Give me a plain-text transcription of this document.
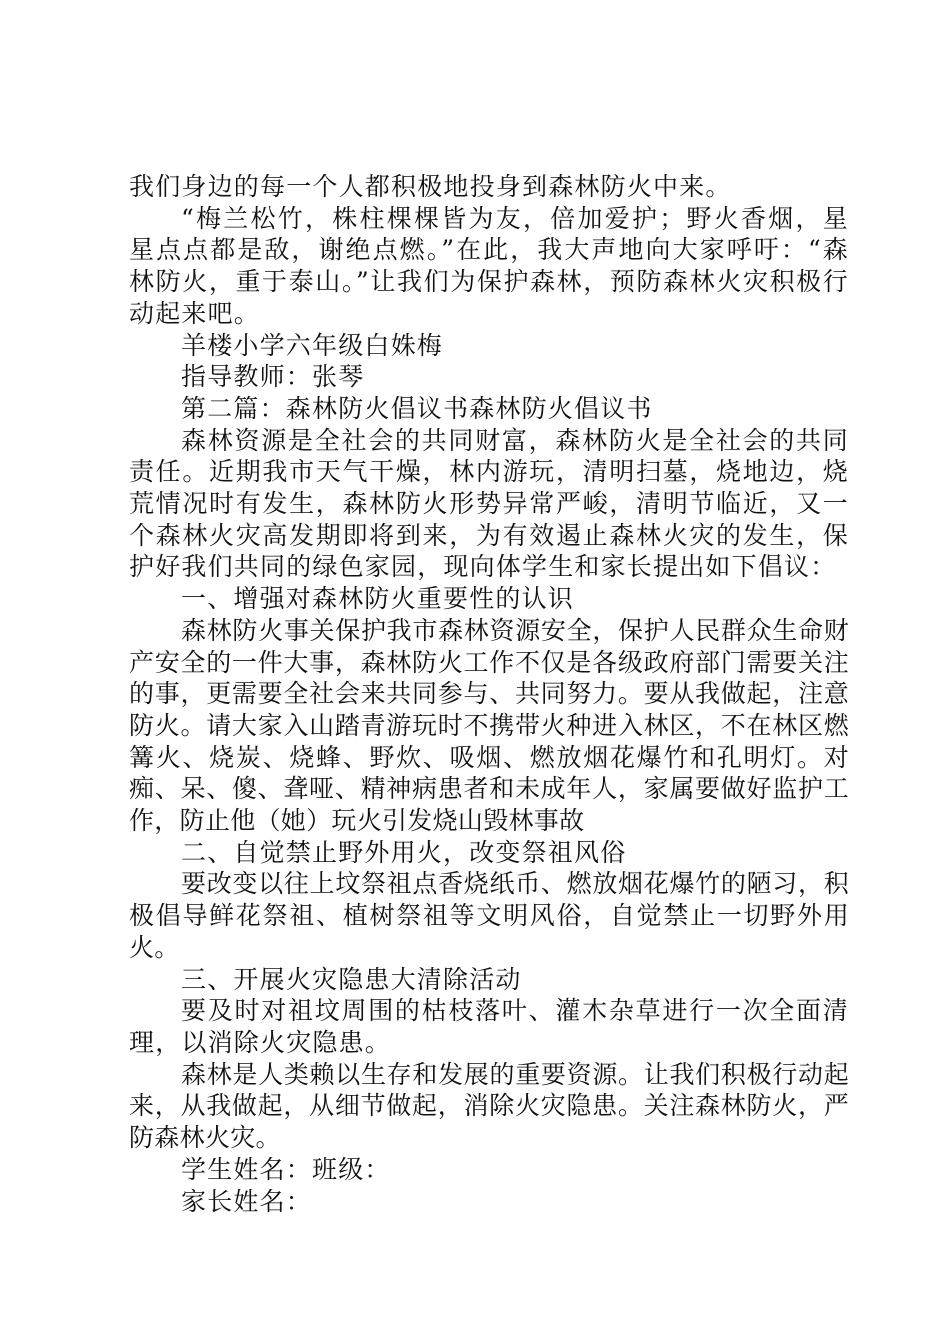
我们身边的每一个人都积极地投身到森林防火中来。

“梅兰松竹，株柱棵棵皆为友，倍加爱护；野火香烟，星星点点都是敌，谢绝点燃。”在此，我大声地向大家呼吁：“森林防火，重于泰山。”让我们为保护森林，预防森林火灾积极行动起来吧。

羊楼小学六年级白姝梅

指导教师：张琴

第二篇：森林防火倡议书森林防火倡议书

森林资源是全社会的共同财富，森林防火是全社会的共同责任。近期我市天气干燥，林内游玩，清明扫墓，烧地边，烧荒情况时有发生，森林防火形势异常严峻，清明节临近，又一个森林火灾高发期即将到来，为有效遏止森林火灾的发生，保护好我们共同的绿色家园，现向体学生和家长提出如下倡议：

一、增强对森林防火重要性的认识

森林防火事关保护我市森林资源安全，保护人民群众生命财产安全的一件大事，森林防火工作不仅是各级政府部门需要关注的事，更需要全社会来共同参与、共同努力。要从我做起，注意防火。请大家入山踏青游玩时不携带火种进入林区，不在林区燃篝火、烧炭、烧蜂、野炊、吸烟、燃放烟花爆竹和孔明灯。对痴、呆、傻、聋哑、精神病患者和未成年人，家属要做好监护工作，防止他（她）玩火引发烧山毁林事故

二、自觉禁止野外用火，改变祭祖风俗

要改变以往上坟祭祖点香烧纸币、燃放烟花爆竹的陋习，积极倡导鲜花祭祖、植树祭祖等文明风俗，自觉禁止一切野外用火。

三、开展火灾隐患大清除活动

要及时对祖坟周围的枯枝落叶、灌木杂草进行一次全面清理，以消除火灾隐患。

森林是人类赖以生存和发展的重要资源。让我们积极行动起来，从我做起，从细节做起，消除火灾隐患。关注森林防火，严防森林火灾。

学生姓名：班级：

家长姓名：
